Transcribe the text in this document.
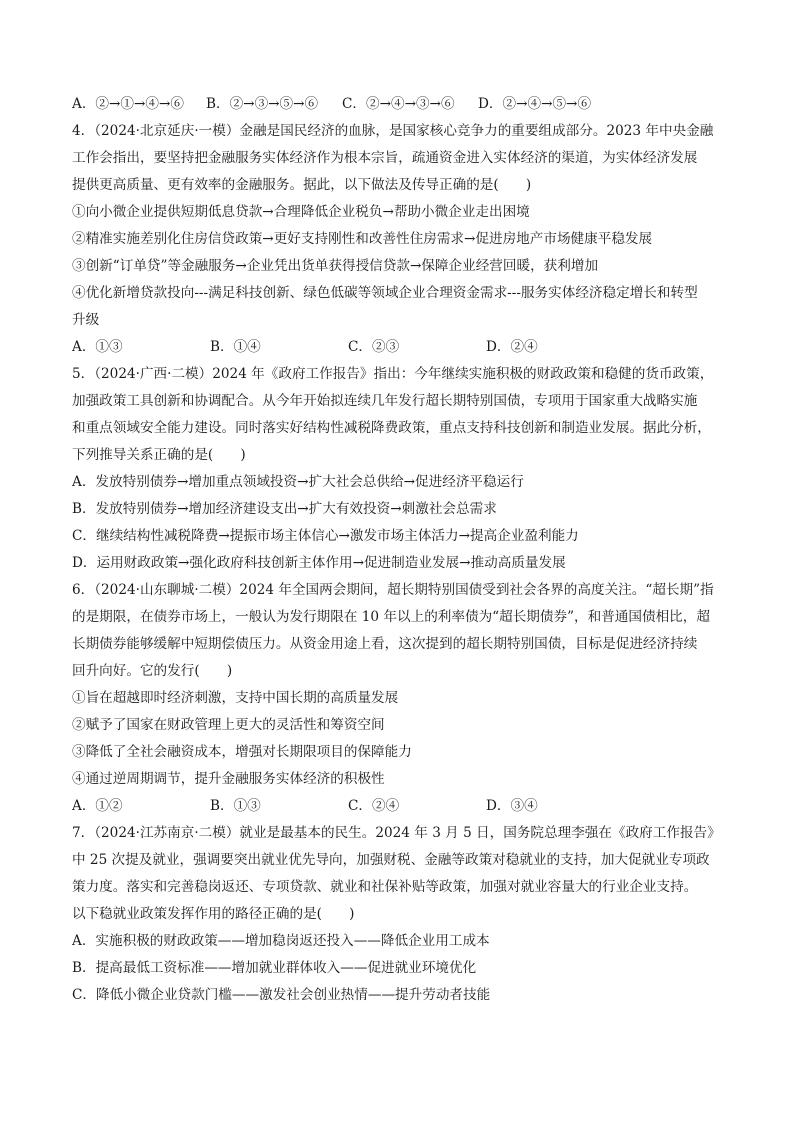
A．②→①→④→⑥	B．②→③→⑤→⑥	C．②→④→③→⑥	D．②→④→⑤→⑥
4．（2024·北京延庆·一模）金融是国民经济的血脉，是国家核心竞争力的重要组成部分。2023 年中央金融
工作会指出，要坚持把金融服务实体经济作为根本宗旨，疏通资金进入实体经济的渠道，为实体经济发展
提供更高质量、更有效率的金融服务。据此，以下做法及传导正确的是(　　)
①向小微企业提供短期低息贷款→合理降低企业税负→帮助小微企业走出困境
②精准实施差别化住房信贷政策→更好支持刚性和改善性住房需求→促进房地产市场健康平稳发展
③创新“订单贷”等金融服务→企业凭出货单获得授信贷款→保障企业经营回暖，获利增加
④优化新增贷款投向---满足科技创新、绿色低碳等领域企业合理资金需求---服务实体经济稳定增长和转型
升级
A．①③	B．①④	C．②③	D．②④
5．（2024·广西·二模）2024 年《政府工作报告》指出：今年继续实施积极的财政政策和稳健的货币政策，
加强政策工具创新和协调配合。从今年开始拟连续几年发行超长期特别国债，专项用于国家重大战略实施
和重点领域安全能力建设。同时落实好结构性减税降费政策，重点支持科技创新和制造业发展。据此分析，
下列推导关系正确的是(　　)
A．发放特别债券→增加重点领域投资→扩大社会总供给→促进经济平稳运行
B．发放特别债券→增加经济建设支出→扩大有效投资→刺激社会总需求
C．继续结构性减税降费→提振市场主体信心→激发市场主体活力→提高企业盈利能力
D．运用财政政策→强化政府科技创新主体作用→促进制造业发展→推动高质量发展
6．（2024·山东聊城·二模）2024 年全国两会期间，超长期特别国债受到社会各界的高度关注。“超长期”指
的是期限，在债券市场上，一般认为发行期限在 10 年以上的利率债为“超长期债券”，和普通国债相比，超
长期债券能够缓解中短期偿债压力。从资金用途上看，这次提到的超长期特别国债，目标是促进经济持续
回升向好。它的发行(　　)
①旨在超越即时经济刺激，支持中国长期的高质量发展
②赋予了国家在财政管理上更大的灵活性和筹资空间
③降低了全社会融资成本，增强对长期限项目的保障能力
④通过逆周期调节，提升金融服务实体经济的积极性
A．①②	B．①③	C．②④	D．③④
7．（2024·江苏南京·二模）就业是最基本的民生。2024 年 3 月 5 日，国务院总理李强在《政府工作报告》
中 25 次提及就业，强调要突出就业优先导向，加强财税、金融等政策对稳就业的支持，加大促就业专项政
策力度。落实和完善稳岗返还、专项贷款、就业和社保补贴等政策，加强对就业容量大的行业企业支持。
以下稳就业政策发挥作用的路径正确的是(　　)
A．实施积极的财政政策——增加稳岗返还投入——降低企业用工成本
B．提高最低工资标准——增加就业群体收入——促进就业环境优化
C．降低小微企业贷款门槛——激发社会创业热情——提升劳动者技能
